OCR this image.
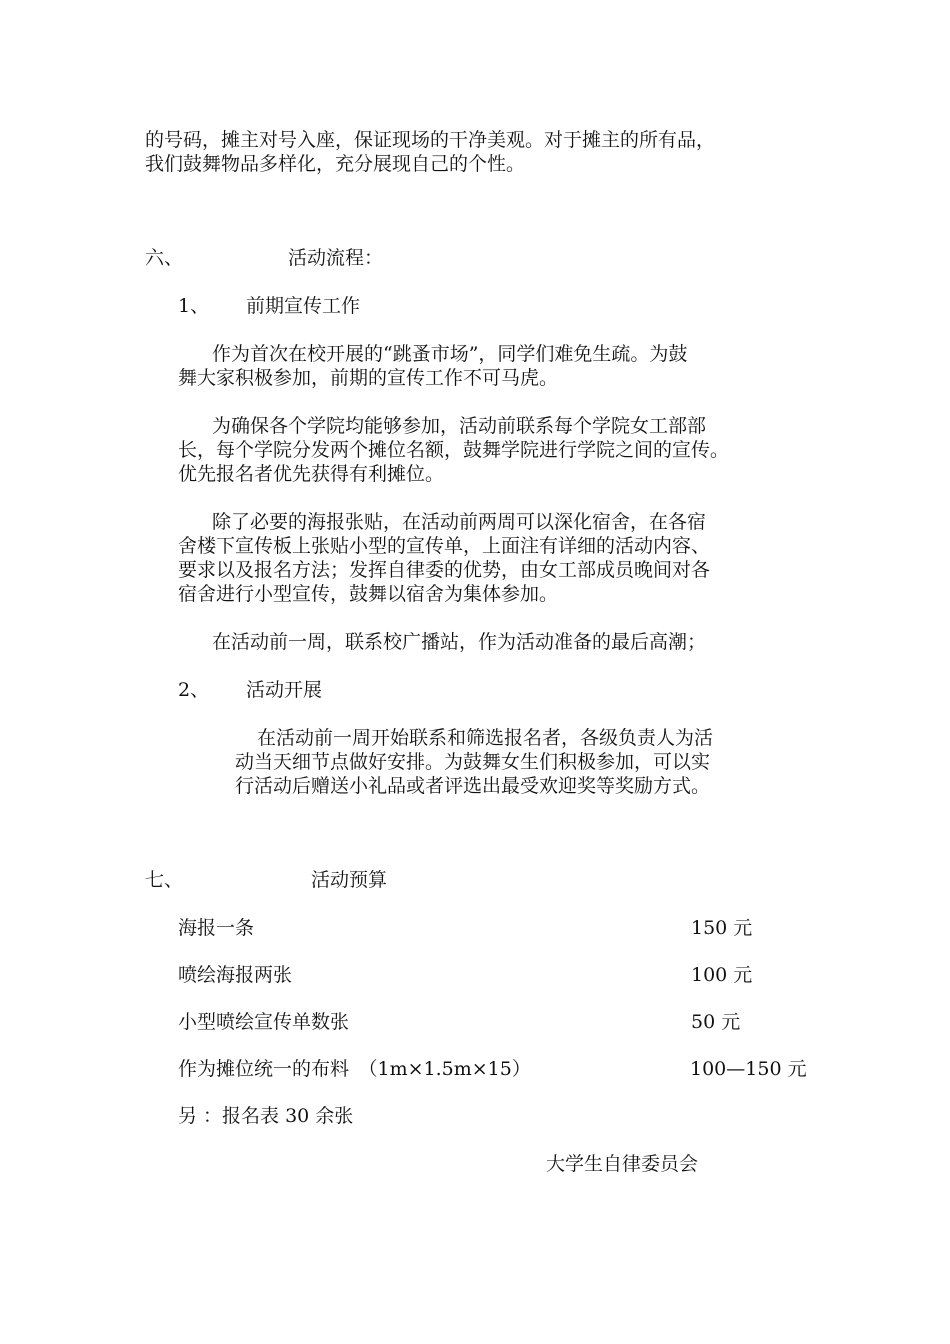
的号码，摊主对号入座，保证现场的干净美观。对于摊主的所有品，
我们鼓舞物品多样化，充分展现自己的个性。
六、	活动流程：
1、 前期宣传工作
作为首次在校开展的“跳蚤市场”，同学们难免生疏。为鼓
舞大家积极参加，前期的宣传工作不可马虎。
为确保各个学院均能够参加，活动前联系每个学院女工部部
长，每个学院分发两个摊位名额，鼓舞学院进行学院之间的宣传。
优先报名者优先获得有利摊位。
除了必要的海报张贴，在活动前两周可以深化宿舍，在各宿
舍楼下宣传板上张贴小型的宣传单，上面注有详细的活动内容、
要求以及报名方法；发挥自律委的优势，由女工部成员晚间对各
宿舍进行小型宣传，鼓舞以宿舍为集体参加。
在活动前一周，联系校广播站，作为活动准备的最后高潮；
2、 活动开展
在活动前一周开始联系和筛选报名者，各级负责人为活
动当天细节点做好安排。为鼓舞女生们积极参加，可以实
行活动后赠送小礼品或者评选出最受欢迎奖等奖励方式。
七、	活动预算
海报一条	150 元
喷绘海报两张	100 元
小型喷绘宣传单数张	50 元
作为摊位统一的布料　（1m×1.5m×15）	100—150 元
另 ：报名表 30 余张
大学生自律委员会
